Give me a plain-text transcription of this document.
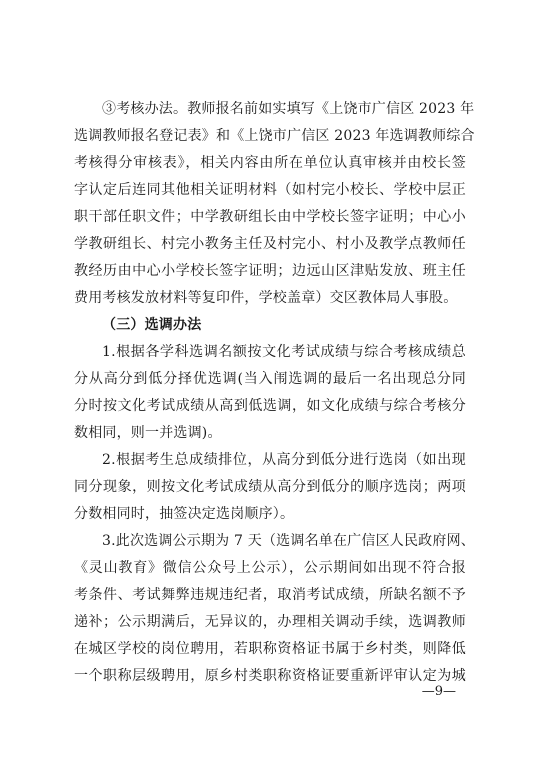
③考核办法。教师报名前如实填写《上饶市广信区 2023 年
选调教师报名登记表》和《上饶市广信区 2023 年选调教师综合
考核得分审核表》，相关内容由所在单位认真审核并由校长签
字认定后连同其他相关证明材料（如村完小校长、学校中层正
职干部任职文件；中学教研组长由中学校长签字证明；中心小
学教研组长、村完小教务主任及村完小、村小及教学点教师任
教经历由中心小学校长签字证明；边远山区津贴发放、班主任
费用考核发放材料等复印件，学校盖章）交区教体局人事股。
（三）选调办法
1.根据各学科选调名额按文化考试成绩与综合考核成绩总
分从高分到低分择优选调(当入闱选调的最后一名出现总分同
分时按文化考试成绩从高到低选调，如文化成绩与综合考核分
数相同，则一并选调)。
2.根据考生总成绩排位，从高分到低分进行选岗（如出现
同分现象，则按文化考试成绩从高分到低分的顺序选岗；两项
分数相同时，抽签决定选岗顺序）。
3.此次选调公示期为 7 天（选调名单在广信区人民政府网、
《灵山教育》微信公众号上公示），公示期间如出现不符合报
考条件、考试舞弊违规违纪者，取消考试成绩，所缺名额不予
递补；公示期满后，无异议的，办理相关调动手续，选调教师
在城区学校的岗位聘用，若职称资格证书属于乡村类，则降低
一个职称层级聘用，原乡村类职称资格证要重新评审认定为城
—9—
